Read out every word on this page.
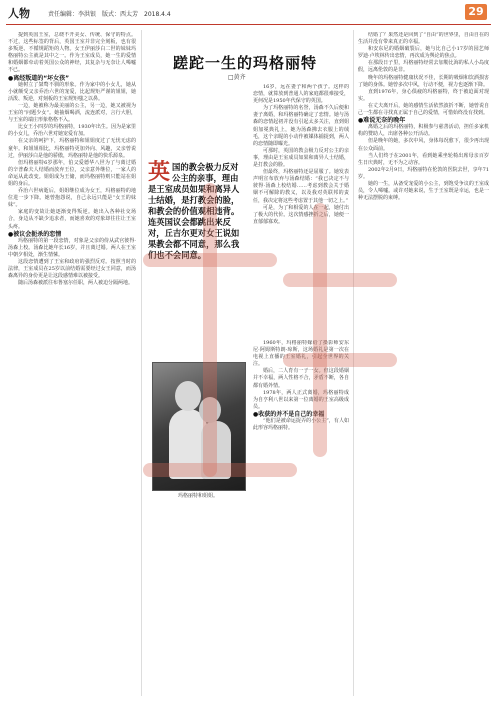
人物	责任编辑：李洪银　版式：西太芳　2018.4.4	29

提到英国王室，总绕不开美女、传统、保守的特点。不过，这些标签的背后，英国王室并非完全刻板，也有很多叛逆、不循规蹈矩的人物。女王伊丽莎白二世的妹妹玛格丽特公主就是其中之一。作为王室成员，她一生的爱情和婚姻都牵动着英国公众的神经，其复杂与无奈让人唏嘘不已。

●离经叛道的“坏女孩”

她树立了桀骜不驯的形象。作为家中的小女儿，她从小就颇受父亲乔治六世的宠爱，比起规矩严谨的姐姐，她活泼、叛逆，对刻板的王室规矩嗤之以鼻。

一边，她被称为最美丽的公主，另一边，她又被视为王室的“问题少女”。她抽烟喝酒，流连派对，言行大胆，与王室的端庄形象格格不入。

比女王小四岁的玛格丽特，1930年出生。因为是家里的小女儿，乔治六世对她宠爱有加。

在父亲的呵护下，玛格丽特和姐姐度过了无忧无虑的童年。和姐姐相比，玛格丽特更加外向、风趣，父亲曾说过，伊丽莎白是他的骄傲，玛格丽特是他的快乐源泉。

但玛格丽特6岁那年，伯父爱德华八世为了与离过婚的辛普森夫人结婚而放弃王位，父亲意外继位，一家人的命运从此改变。姐姐成为王储，而玛格丽特则只能站在姐姐的身后。

乔治六世病逝后，姐姐继位成为女王，玛格丽特的地位进一步下降。她曾抱怨说，自己永远只能是“女王的妹妹”。

家庭的变故让她逐渐变得叛逆。她出入各种社交场合，身边从不缺少追求者，而她喜欢的对象却往往让王室头疼。

●被议会扼杀的恋情

玛格丽特的第一段恋情，对象是父亲的侍从武官彼得·汤森上校。汤森比她年长16岁，并且离过婚。两人在王室中朝夕相处，渐生情愫。

这段恋情遭到了王室和政府的强烈反对。按照当时的法律，王室成员在25岁以前结婚需要经过女王同意，而汤森离异的身份更是让这段感情难以被接受。

随后汤森被派往布鲁塞尔任职，两人被迫分隔两地。

蹉跎一生的玛格丽特
□黄齐

16岁，远在妻子和两个孩子。这样的恋情，就算放到普通人的家庭都很难接受，更何况是1950年代保守的英国。

为了玛格丽特的名誉，汤森不久后便和妻子离婚，和玛格丽特确定了恋情。她与汤森的恋情起初并没有引起太多关注，直到姐姐加冕典礼上，她为汤森拂去衣服上的绒毛，这个亲昵的小动作被媒体捕捉到，两人的恋情随即曝光。

可那时，英国的教会极力反对公主的亲事，理由是王室成员如果和离异人士结婚，是打教会的脸。

但最终，玛格丽特还是屈服了。她发表声明宣布放弃与汤森结婚：“我已决定不与彼得·汤森上校结婚……考虑到教会关于婚姻不可解除的教义，以及我对英联邦的责任，我决定将这些考虑置于其他一切之上。”

可是，为了和相爱的人在一起，她付出了极大的代价。这次情感挫折之后，她便一直郁郁寡欢。

英国的教会极力反对公主的亲事，理由是王室成员如果和离异人士结婚，是打教会的脸，和教会的价值观相违背。连英国议会都跳出来反对，丘吉尔更对女王说如果教会都不同意，那么我们也不会同意。
玛格丽特和姐姐。

1960年，玛格丽特嫁给了摄影师安东尼·阿姆斯特朗-琼斯，这场婚礼是第一次在电视上直播的王室婚礼，引起全世界的关注。

婚后，二人育有一子一女。但这段婚姻并不幸福，两人性格不合，矛盾不断，各自都有婚外情。

1978年，两人正式离婚，玛格丽特成为自亨利八世以来第一位离婚的王室高级成员。

●收获的并不是自己的幸福

“他们是被命运捉弄的小公主”，有人如此形容玛格丽特。

结婚了？果然还是回到了“自由”的世界里，自由自在的生活并没有带来真正的幸福。

和安东尼的婚姻破裂后，她与比自己小17岁的园艺师罗迪·卢埃林传出恋情，再次成为舆论的焦点。

在那段日子里，玛格丽特经常去加勒比海的私人小岛度假，远离伦敦的是非。

晚年的玛格丽特健康状况不佳，长期的吸烟和饮酒损害了她的身体。她曾多次中风，行动不便，视力也逐渐下降。

直到1976年，身心俱疲的玛格丽特，终于被迫面对现实。

在丈夫离开后，她的感情生活依然波折不断，她曾说自己一生都在寻找真正属于自己的爱情，可惜始终没有找到。

●难说无奈的晚年

离婚之后的玛格丽特，积极参与慈善活动，担任多家机构的赞助人，出席各种公开活动。

但是晚年的她，多次中风，身体每况愈下，很少再出现在公众面前。

当人们终于在2001年，看到她乘坐轮椅出席母亲百岁生日庆典时，无不为之动容。

2002年2月9日，玛格丽特在伦敦的医院去世，享年71岁。

她的一生，从备受宠爱的小公主，到饱受争议的王室成员，令人唏嘘。或许对她来说，生于王室既是幸运，也是一种无法摆脱的束缚。
